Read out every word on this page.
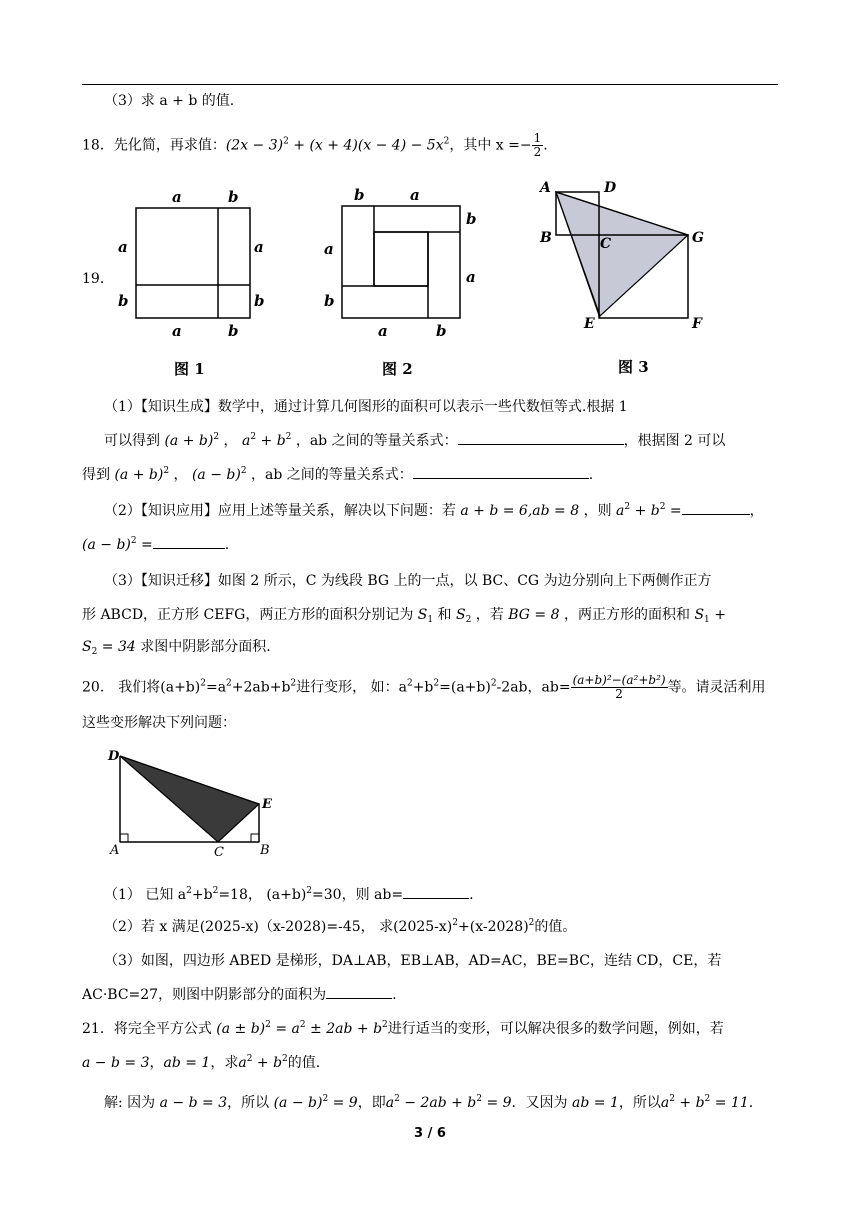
（3）求 a + b 的值.
18．先化简，再求值：$(2x - 3)^2 + (x + 4)(x - 4) - 5x^2$，其中 $x =- \frac{1}{2}$ .
19．
a	b
a
b
a
b
a	b
图 1
b	a
a
b
b
a
a	b
图 2
A	D
B	C	G
E	F
图 3
（1）【知识生成】数学中，通过计算几何图形的面积可以表示一些代数恒等式.根据 1
可以得到 $(a + b)^2$ ， $a^2 + b^2$ ，ab 之间的等量关系式：	，根据图 2 可以
得到 $(a + b)^2$ ， $(a - b)^2$ ，ab 之间的等量关系式：	.
（2）【知识应用】应用上述等量关系，解决以下问题：若 a + b = 6,ab = 8 ，则 $a^2 + b^2$ =	，
$(a - b)^2$ =	.
（3）【知识迁移】如图 2 所示，C 为线段 BG 上的一点，以 BC、CG 为边分别向上下两侧作正方
形 ABCD，正方形 CEFG，两正方形的面积分别记为 $S_1$ 和 $S_2$ ，若 BG = 8 ，两正方形的面积和 $S_1$ +
$S_2 = 34$ 求图中阴影部分面积.
20． 我们将$(a+b)^2=a^2+2ab+b^2$进行变形， 如：$a^2+b^2=(a+b)^2-2ab$，$ab= \frac{\text{(a+b)²−(a²+b²)}}{2}$ 等。请灵活利用
这些变形解决下列问题：
D
E
A	C	B
（1） 已知 $a^2+b^2=18$， $(a+b)^2=30$，则 ab=	.
（2）若 x 满足(2025-x)（x-2028)=-45， 求$(2025-x)^2+(x-2028)^2$的值。
（3）如图，四边形 ABED 是梯形，DA⊥AB，EB⊥AB，AD=AC，BE=BC，连结 CD，CE，若
AC·BC=27，则图中阴影部分的面积为	.
21．将完全平方公式 $(a \pm b)^2 = a^2 \pm 2ab + b^2$进行适当的变形，可以解决很多的数学问题，例如，若
a − b = 3，ab = 1，求$a^2 + b^2$的值.
解: 因为 a − b = 3，所以 $(a - b)^2 = 9$，即$a^2 - 2ab + b^2 = 9$．又因为 ab = 1，所以$a^2 + b^2 = 11$.
3 / 6
